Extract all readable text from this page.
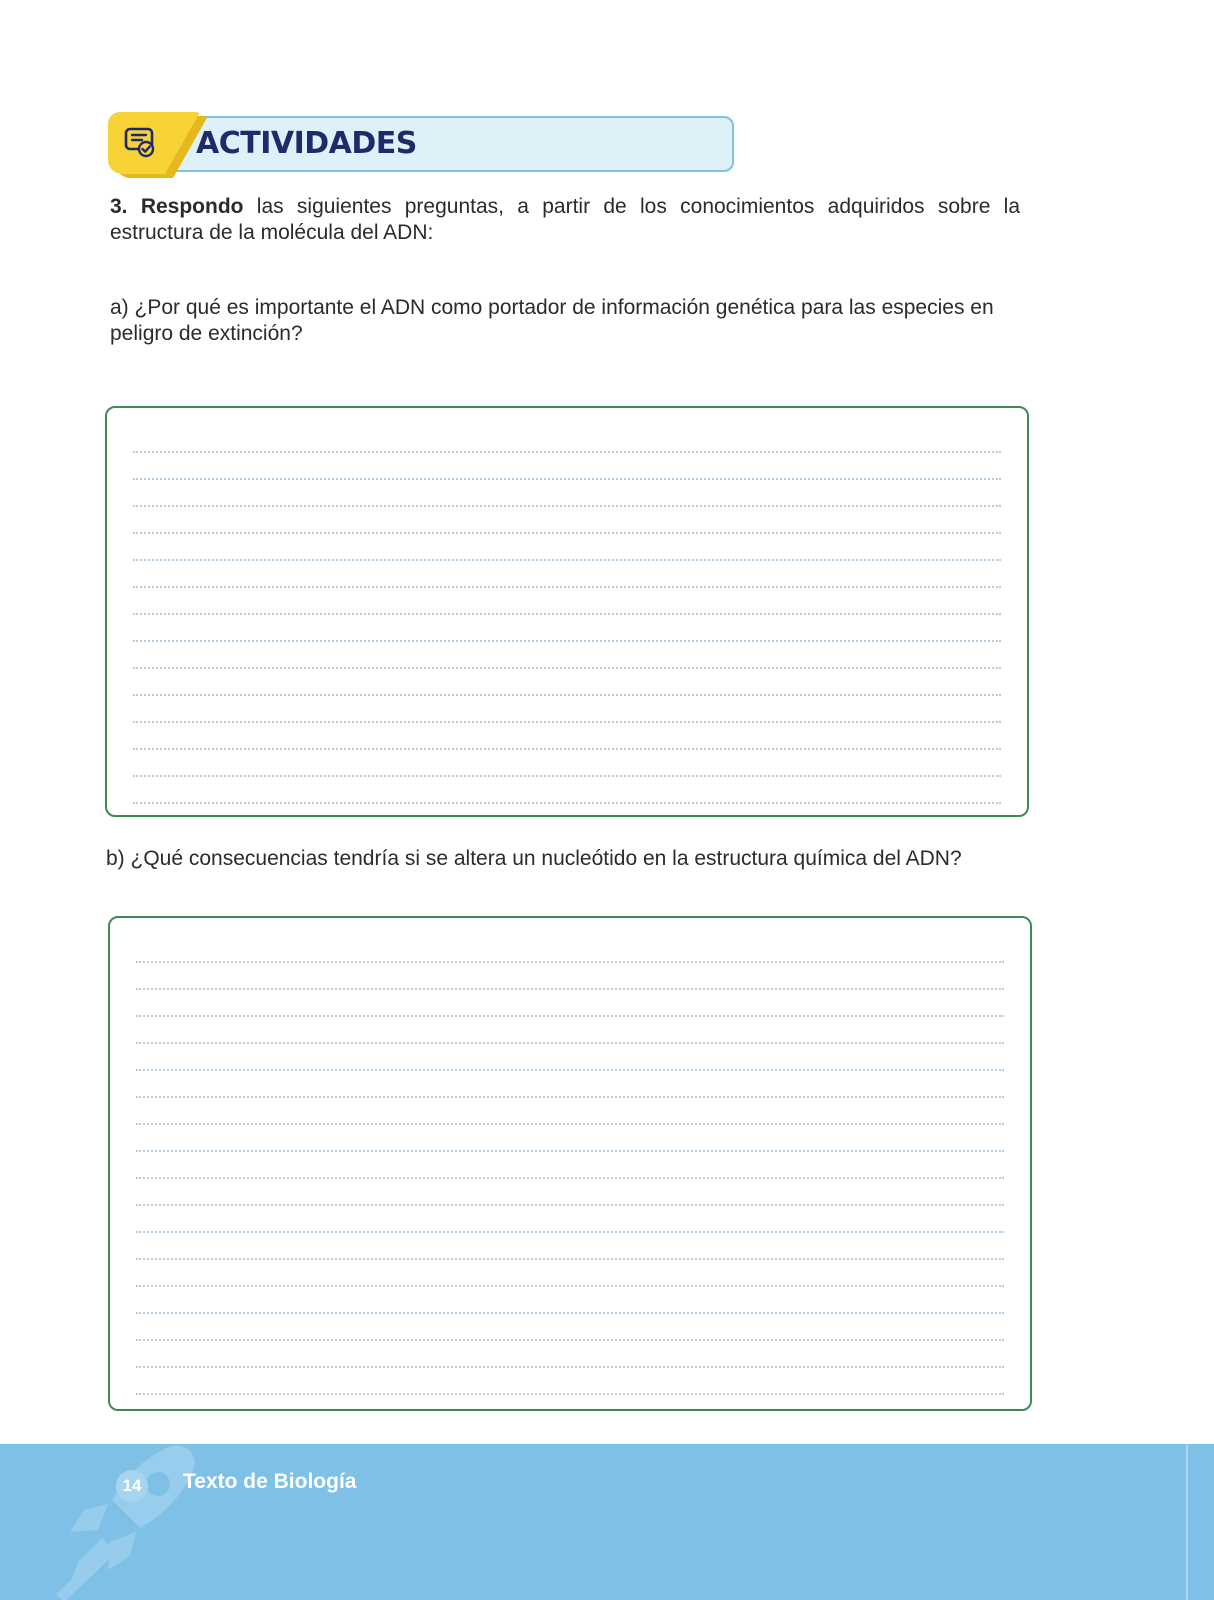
ACTIVIDADES
3. Respondo las siguientes preguntas, a partir de los conocimientos adquiridos sobre la estructura de la molécula del ADN:
a) ¿Por qué es importante el ADN como portador de información genética para las especies en peligro de extinción?
b) ¿Qué consecuencias tendría si se altera un nucleótido en la estructura química del ADN?
14	Texto de Biología
